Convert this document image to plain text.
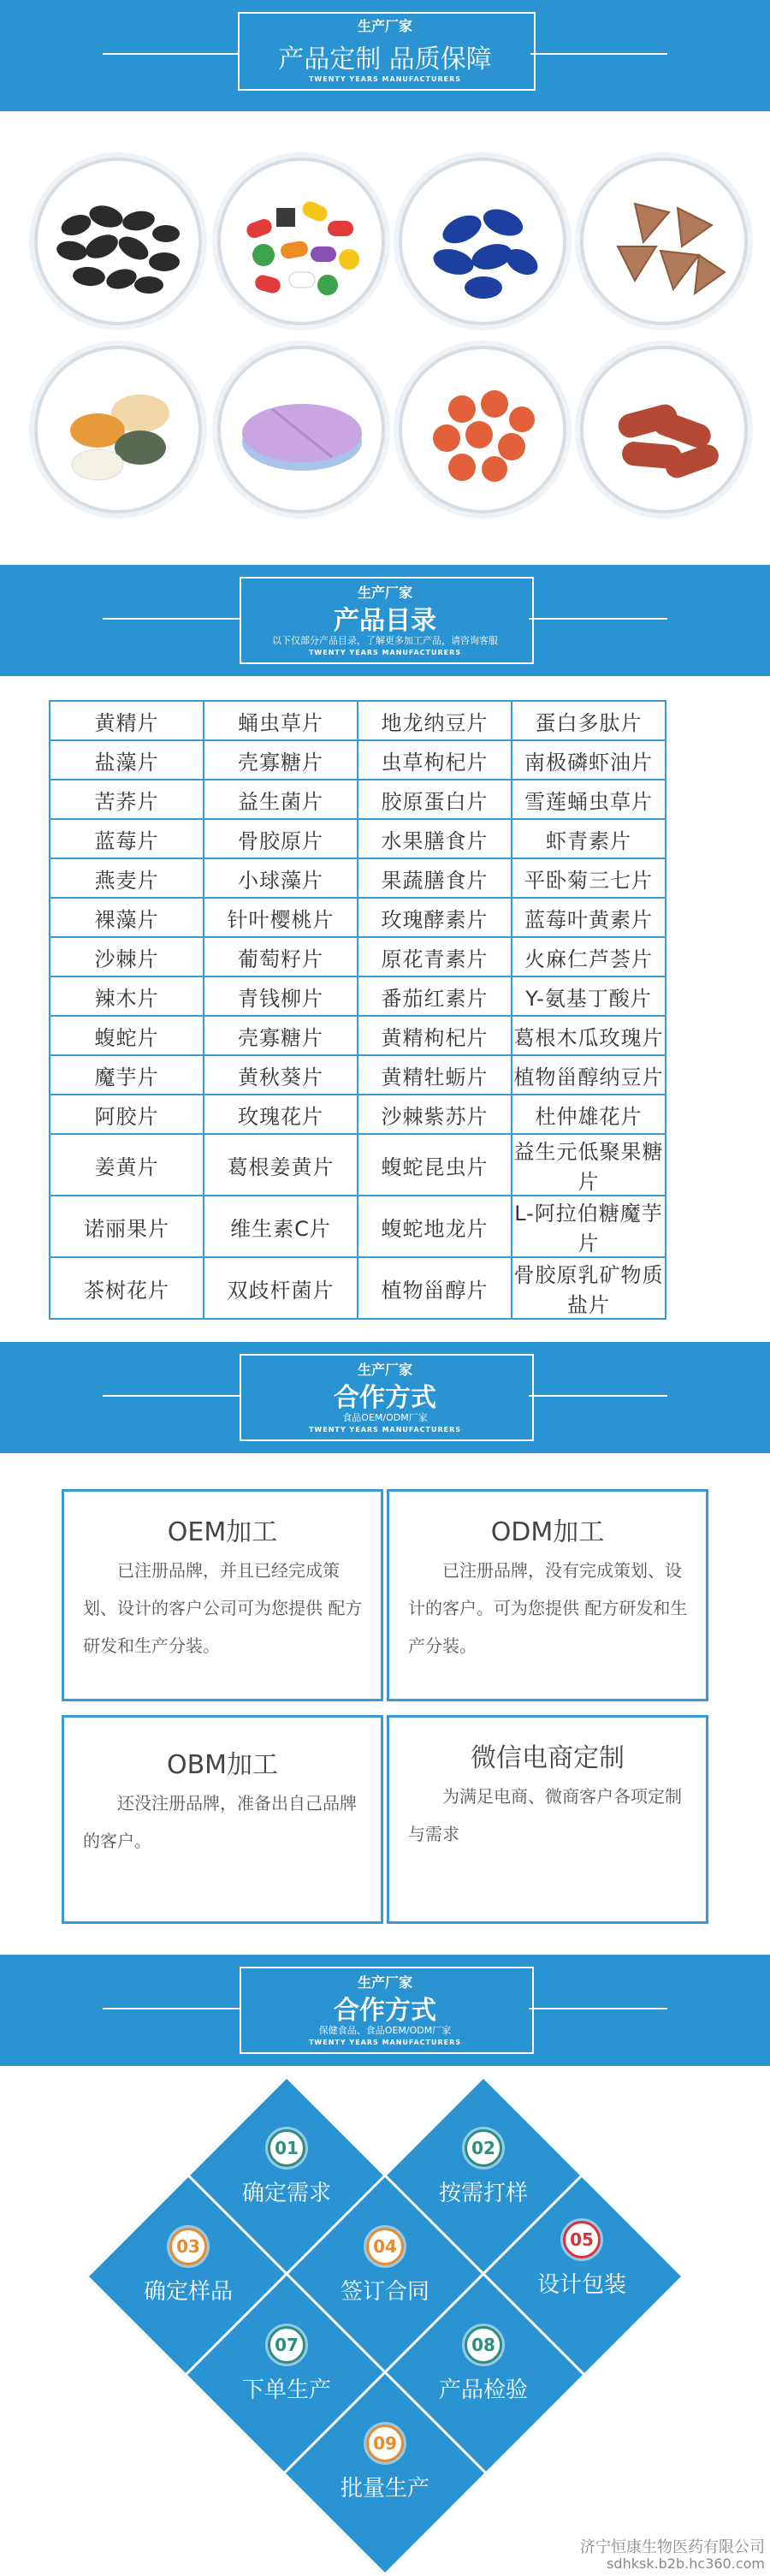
生产厂家
产品定制 品质保障
TWENTY YEARS MANUFACTURERS
生产厂家
产品目录
以下仅部分产品目录，了解更多加工产品，请咨询客服
TWENTY YEARS MANUFACTURERS
黄精片	蛹虫草片	地龙纳豆片	蛋白多肽片
盐藻片	壳寡糖片	虫草枸杞片	南极磷虾油片
苦荞片	益生菌片	胶原蛋白片	雪莲蛹虫草片
蓝莓片	骨胶原片	水果膳食片	虾青素片
燕麦片	小球藻片	果蔬膳食片	平卧菊三七片
裸藻片	针叶樱桃片	玫瑰酵素片	蓝莓叶黄素片
沙棘片	葡萄籽片	原花青素片	火麻仁芦荟片
辣木片	青钱柳片	番茄红素片	Y-氨基丁酸片
蝮蛇片	壳寡糖片	黄精枸杞片	葛根木瓜玫瑰片
魔芋片	黄秋葵片	黄精牡蛎片	植物甾醇纳豆片
阿胶片	玫瑰花片	沙棘紫苏片	杜仲雄花片
姜黄片	葛根姜黄片	蝮蛇昆虫片	益生元低聚果糖片
诺丽果片	维生素C片	蝮蛇地龙片	L-阿拉伯糖魔芋片
茶树花片	双歧杆菌片	植物甾醇片	骨胶原乳矿物质盐片
生产厂家
合作方式
食品OEM/ODM厂家
TWENTY YEARS MANUFACTURERS
OEM加工
已注册品牌，并且已经完成策划、设计的客户公司可为您提供 配方研发和生产分装。
ODM加工
已注册品牌，没有完成策划、设计的客户。可为您提供 配方研发和生产分装。
OBM加工
还没注册品牌，准备出自己品牌的客户。
微信电商定制
为满足电商、微商客户各项定制与需求
生产厂家
合作方式
保健食品、食品OEM/ODM厂家
TWENTY YEARS MANUFACTURERS
01
确定需求
02
按需打样
03
确定样品
04
签订合同
05
设计包装
07
下单生产
08
产品检验
09
批量生产
济宁恒康生物医药有限公司
sdhksk.b2b.hc360.com
